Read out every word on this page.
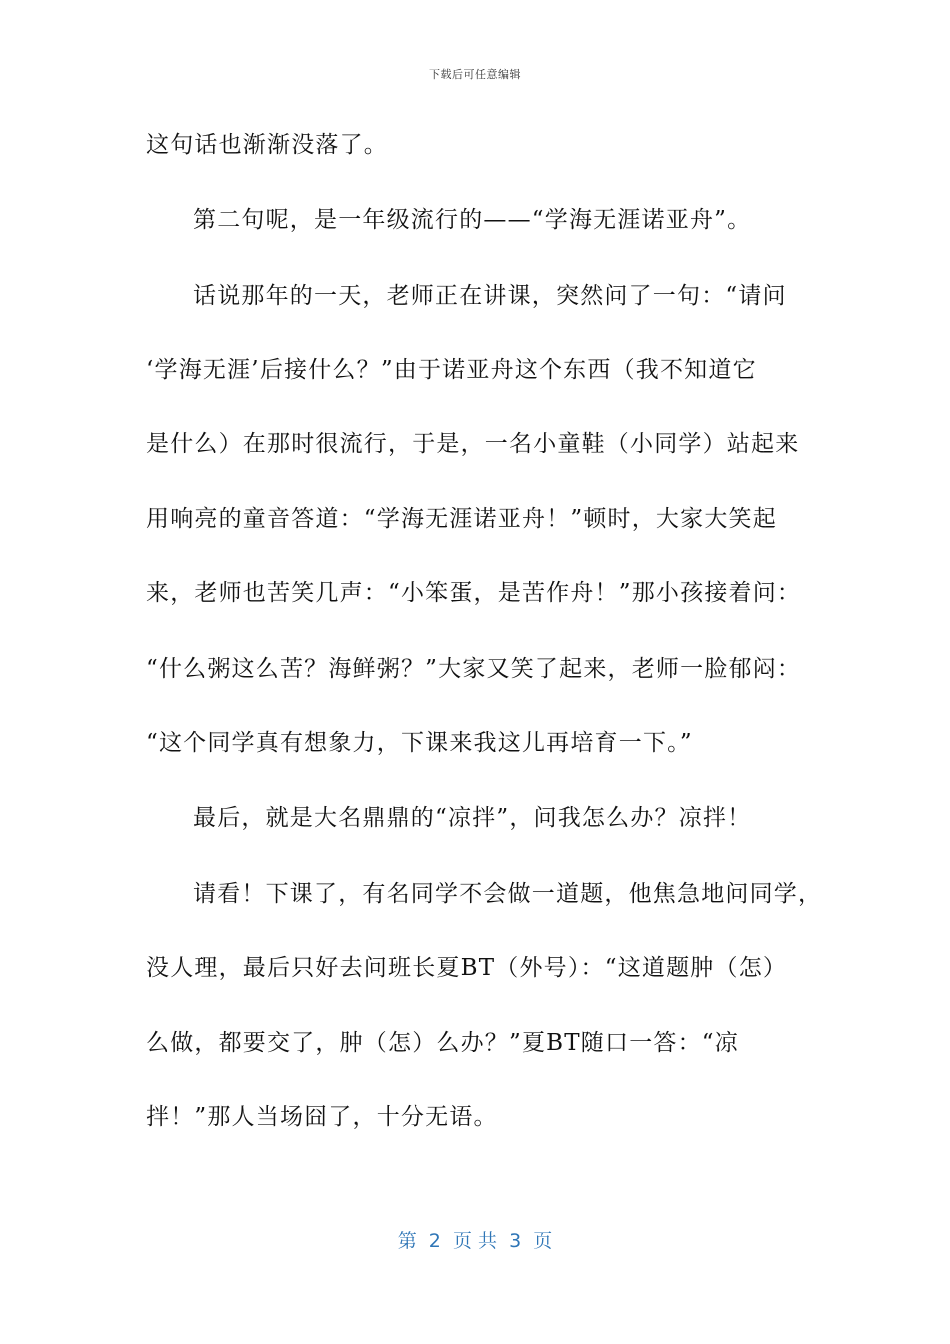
下载后可任意编辑
这句话也渐渐没落了。
第二句呢，是一年级流行的——“学海无涯诺亚舟”。
话说那年的一天，老师正在讲课，突然问了一句：“请问
‘学海无涯’后接什么？”由于诺亚舟这个东西（我不知道它
是什么）在那时很流行，于是，一名小童鞋（小同学）站起来
用响亮的童音答道：“学海无涯诺亚舟！”顿时，大家大笑起
来，老师也苦笑几声：“小笨蛋，是苦作舟！”那小孩接着问：
“什么粥这么苦？海鲜粥？”大家又笑了起来，老师一脸郁闷：
“这个同学真有想象力，下课来我这儿再培育一下。”
最后，就是大名鼎鼎的“凉拌”，问我怎么办？凉拌！
请看！下课了，有名同学不会做一道题，他焦急地问同学，
没人理，最后只好去问班长夏BT（外号）：“这道题肿（怎）
么做，都要交了，肿（怎）么办？”夏BT随口一答：“凉
拌！”那人当场囧了，十分无语。
第  2  页 共  3  页
